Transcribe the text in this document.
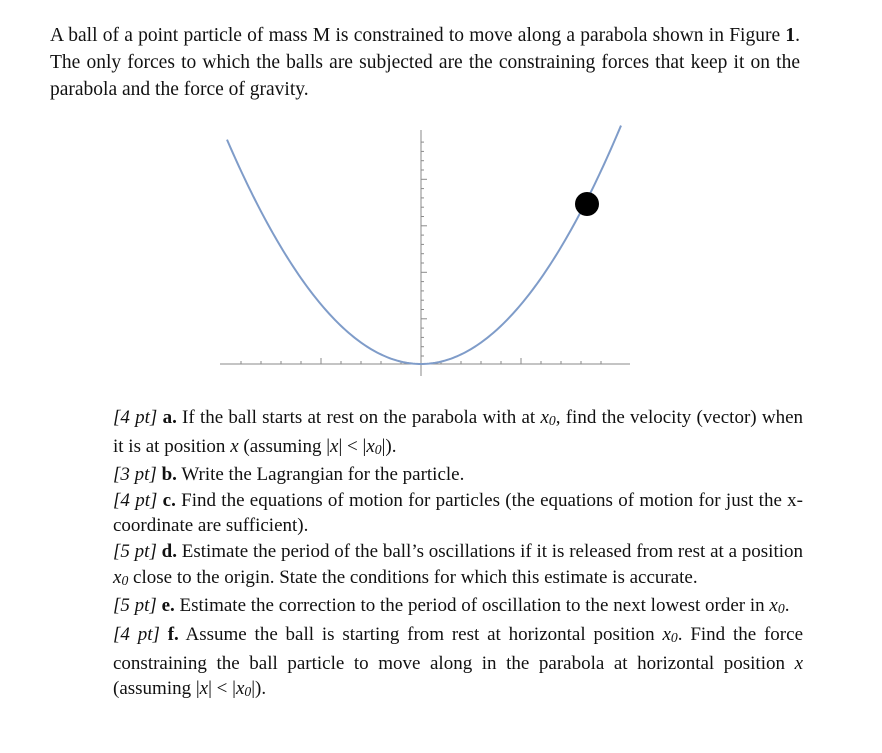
A ball of a point particle of mass M is constrained to move along a parabola shown in Figure 1. The only forces to which the balls are subjected are the constraining forces that keep it on the parabola and the force of gravity.
[4 pt] a. If the ball starts at rest on the parabola with at x0, find the velocity (vector) when it is at position x (assuming |x| < |x0|).
[3 pt] b. Write the Lagrangian for the particle.
[4 pt] c. Find the equations of motion for particles (the equations of motion for just the x-coordinate are sufficient).
[5 pt] d. Estimate the period of the ball’s oscillations if it is released from rest at a position x0 close to the origin. State the conditions for which this estimate is accurate.
[5 pt] e. Estimate the correction to the period of oscillation to the next lowest order in x0.
[4 pt] f. Assume the ball is starting from rest at horizontal position x0. Find the force constraining the ball particle to move along in the parabola at horizontal position x (assuming |x| < |x0|).
